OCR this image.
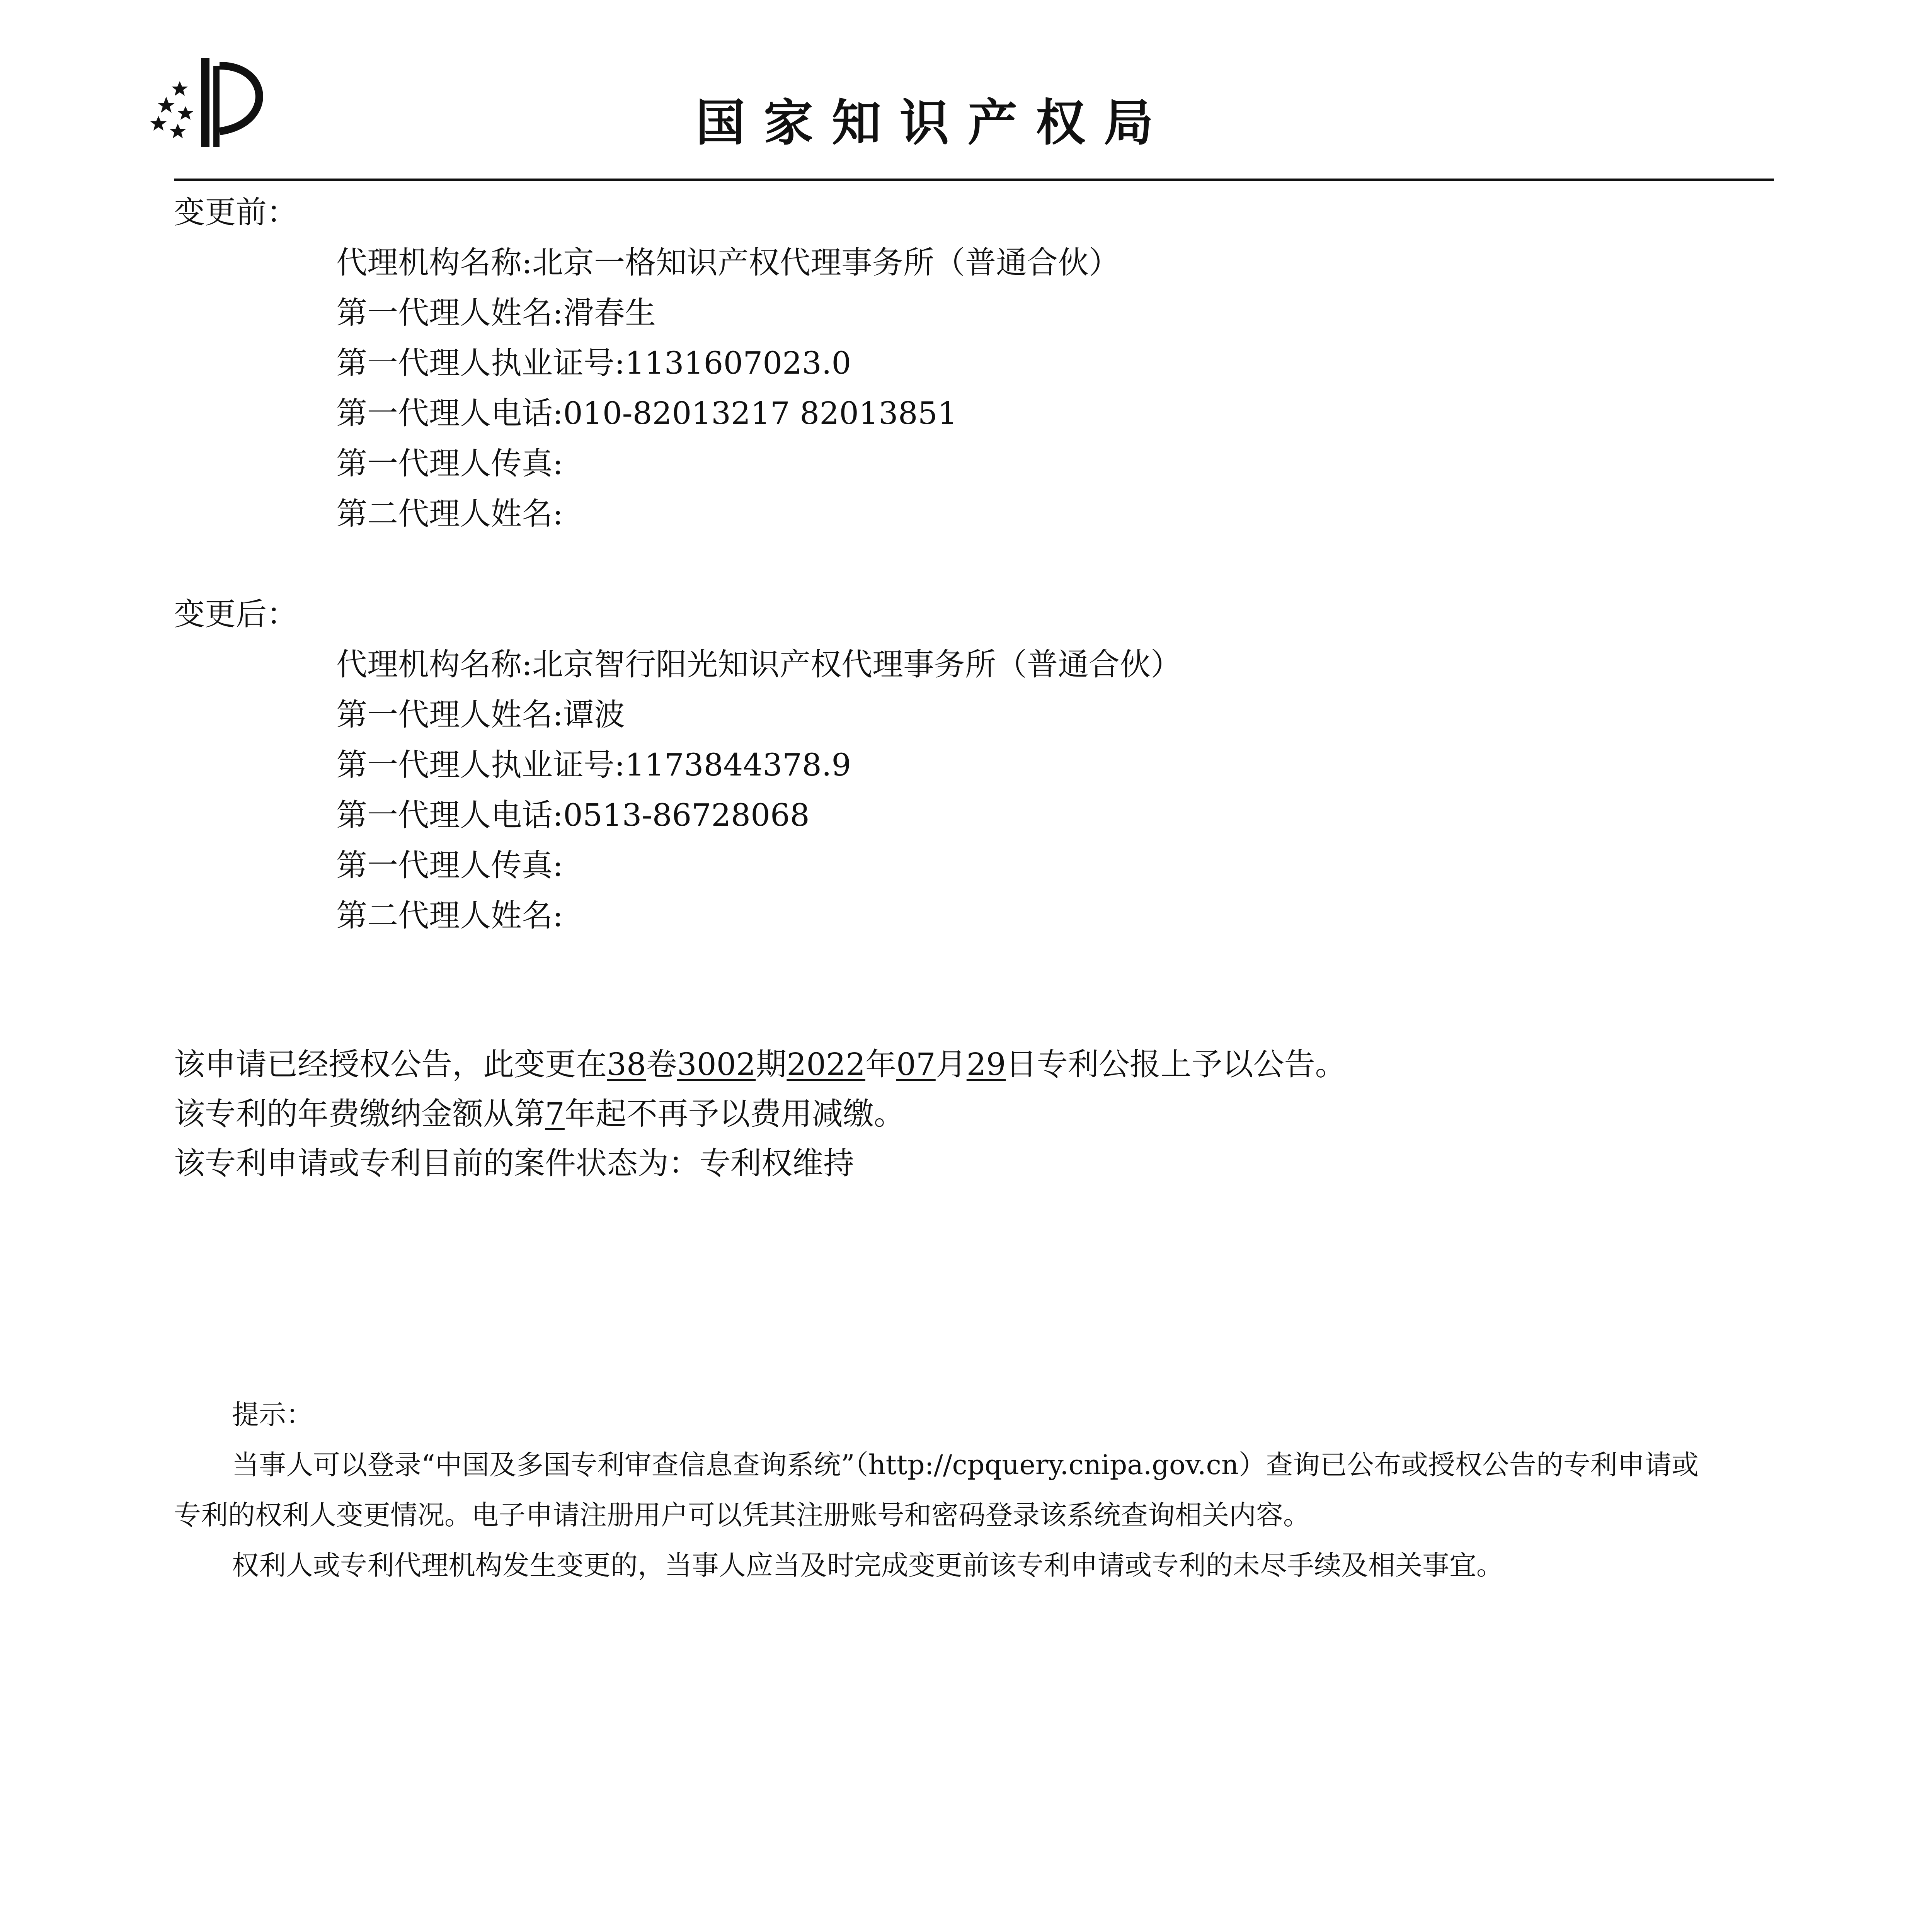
国家知识产权局
变更前：
代理机构名称:北京一格知识产权代理事务所（普通合伙）
第一代理人姓名:滑春生
第一代理人执业证号:1131607023.0
第一代理人电话:010-82013217 82013851
第一代理人传真:
第二代理人姓名:
变更后：
代理机构名称:北京智行阳光知识产权代理事务所（普通合伙）
第一代理人姓名:谭波
第一代理人执业证号:1173844378.9
第一代理人电话:0513-86728068
第一代理人传真:
第二代理人姓名:
该申请已经授权公告，此变更在38卷3002期2022年07月29日专利公报上予以公告。
该专利的年费缴纳金额从第7年起不再予以费用减缴。
该专利申请或专利目前的案件状态为：专利权维持
提示：
当事人可以登录“中国及多国专利审查信息查询系统”（http://cpquery.cnipa.gov.cn）查询已公布或授权公告的专利申请或
专利的权利人变更情况。电子申请注册用户可以凭其注册账号和密码登录该系统查询相关内容。
权利人或专利代理机构发生变更的，当事人应当及时完成变更前该专利申请或专利的未尽手续及相关事宜。
